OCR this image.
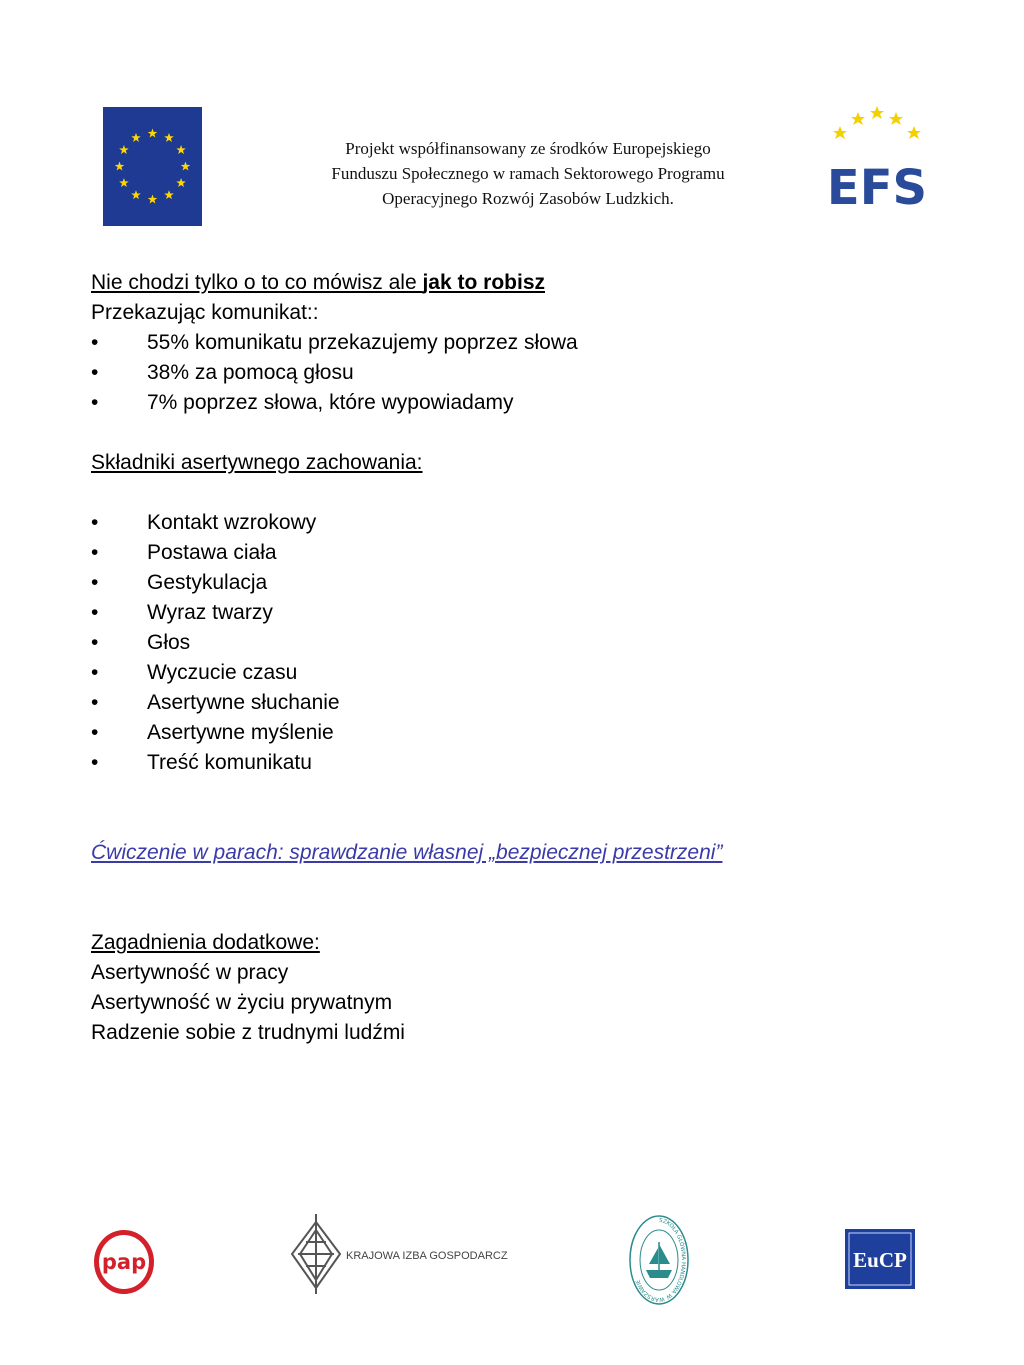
Projekt współfinansowany ze środków Europejskiego
Funduszu Społecznego w ramach Sektorowego Programu
Operacyjnego Rozwój Zasobów Ludzkich.	EFS
Nie chodzi tylko o to co mówisz ale jak to robisz
Przekazując komunikat::
• 55% komunikatu przekazujemy poprzez słowa
• 38% za pomocą głosu
• 7% poprzez słowa, które wypowiadamy
Składniki asertywnego zachowania:
• Kontakt wzrokowy
• Postawa ciała
• Gestykulacja
• Wyraz twarzy
• Głos
• Wyczucie czasu
• Asertywne słuchanie
• Asertywne myślenie
• Treść komunikatu
Ćwiczenie w parach: sprawdzanie własnej „bezpiecznej przestrzeni”
Zagadnienia dodatkowe:
Asertywność w pracy
Asertywność w życiu prywatnym
Radzenie sobie z trudnymi ludźmi
pap	KRAJOWA IZBA GOSPODARCZA
SZKOŁA GŁÓWNA HANDLOWA W WARSZAWIE
EuCP
